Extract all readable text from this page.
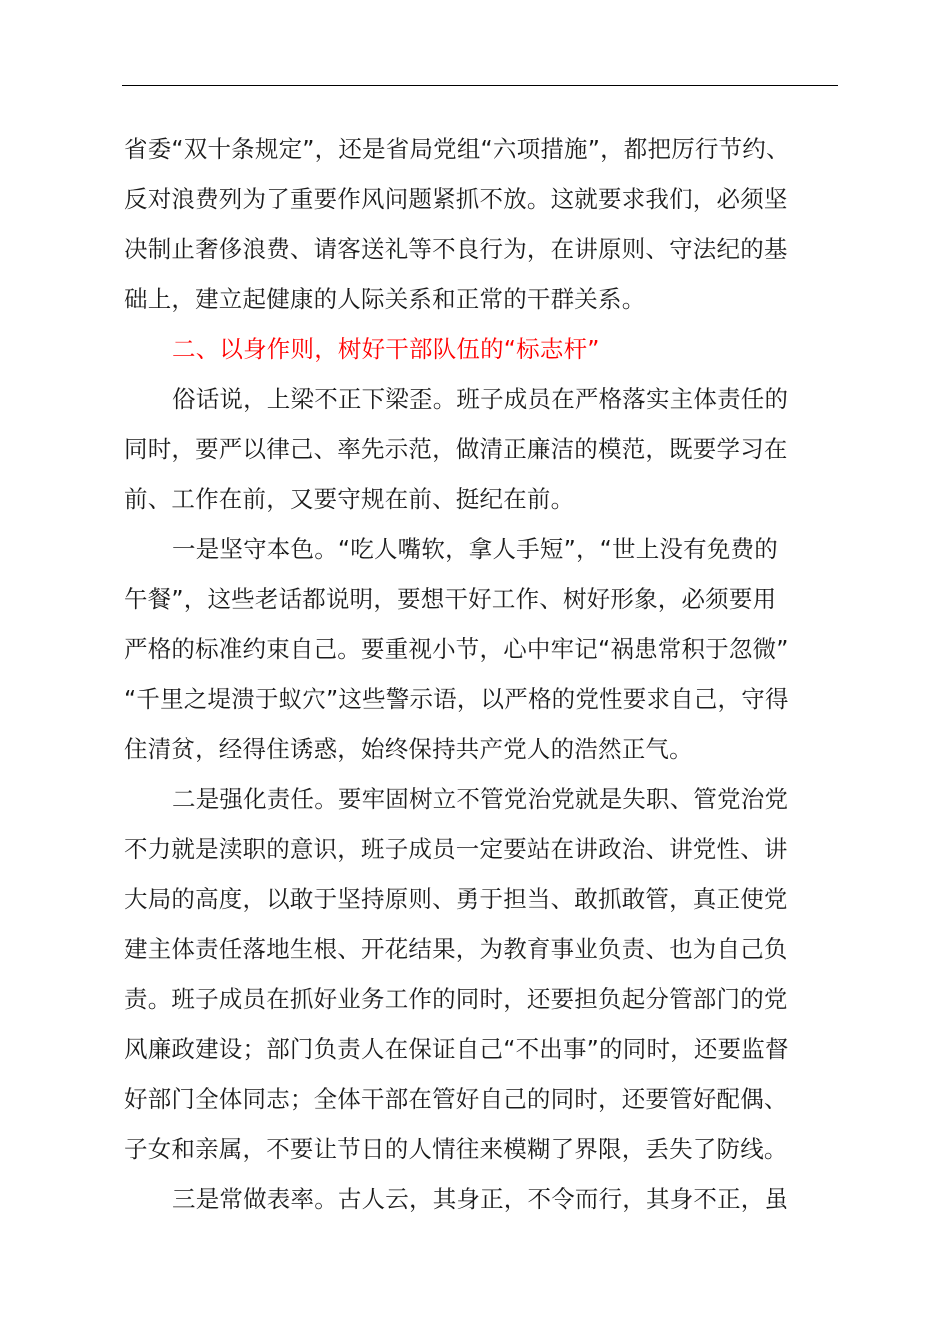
省委“双十条规定”，还是省局党组“六项措施”，都把厉行节约、
反对浪费列为了重要作风问题紧抓不放。这就要求我们，必须坚
决制止奢侈浪费、请客送礼等不良行为，在讲原则、守法纪的基
础上，建立起健康的人际关系和正常的干群关系。
二、以身作则，树好干部队伍的“标志杆”
俗话说，上梁不正下梁歪。班子成员在严格落实主体责任的
同时，要严以律己、率先示范，做清正廉洁的模范，既要学习在
前、工作在前，又要守规在前、挺纪在前。
一是坚守本色。“吃人嘴软，拿人手短”，“世上没有免费的
午餐”，这些老话都说明，要想干好工作、树好形象，必须要用
严格的标准约束自己。要重视小节，心中牢记“祸患常积于忽微”
“千里之堤溃于蚁穴”这些警示语，以严格的党性要求自己，守得
住清贫，经得住诱惑，始终保持共产党人的浩然正气。
二是强化责任。要牢固树立不管党治党就是失职、管党治党
不力就是渎职的意识，班子成员一定要站在讲政治、讲党性、讲
大局的高度，以敢于坚持原则、勇于担当、敢抓敢管，真正使党
建主体责任落地生根、开花结果，为教育事业负责、也为自己负
责。班子成员在抓好业务工作的同时，还要担负起分管部门的党
风廉政建设；部门负责人在保证自己“不出事”的同时，还要监督
好部门全体同志；全体干部在管好自己的同时，还要管好配偶、
子女和亲属，不要让节日的人情往来模糊了界限，丢失了防线。
三是常做表率。古人云，其身正，不令而行，其身不正，虽
